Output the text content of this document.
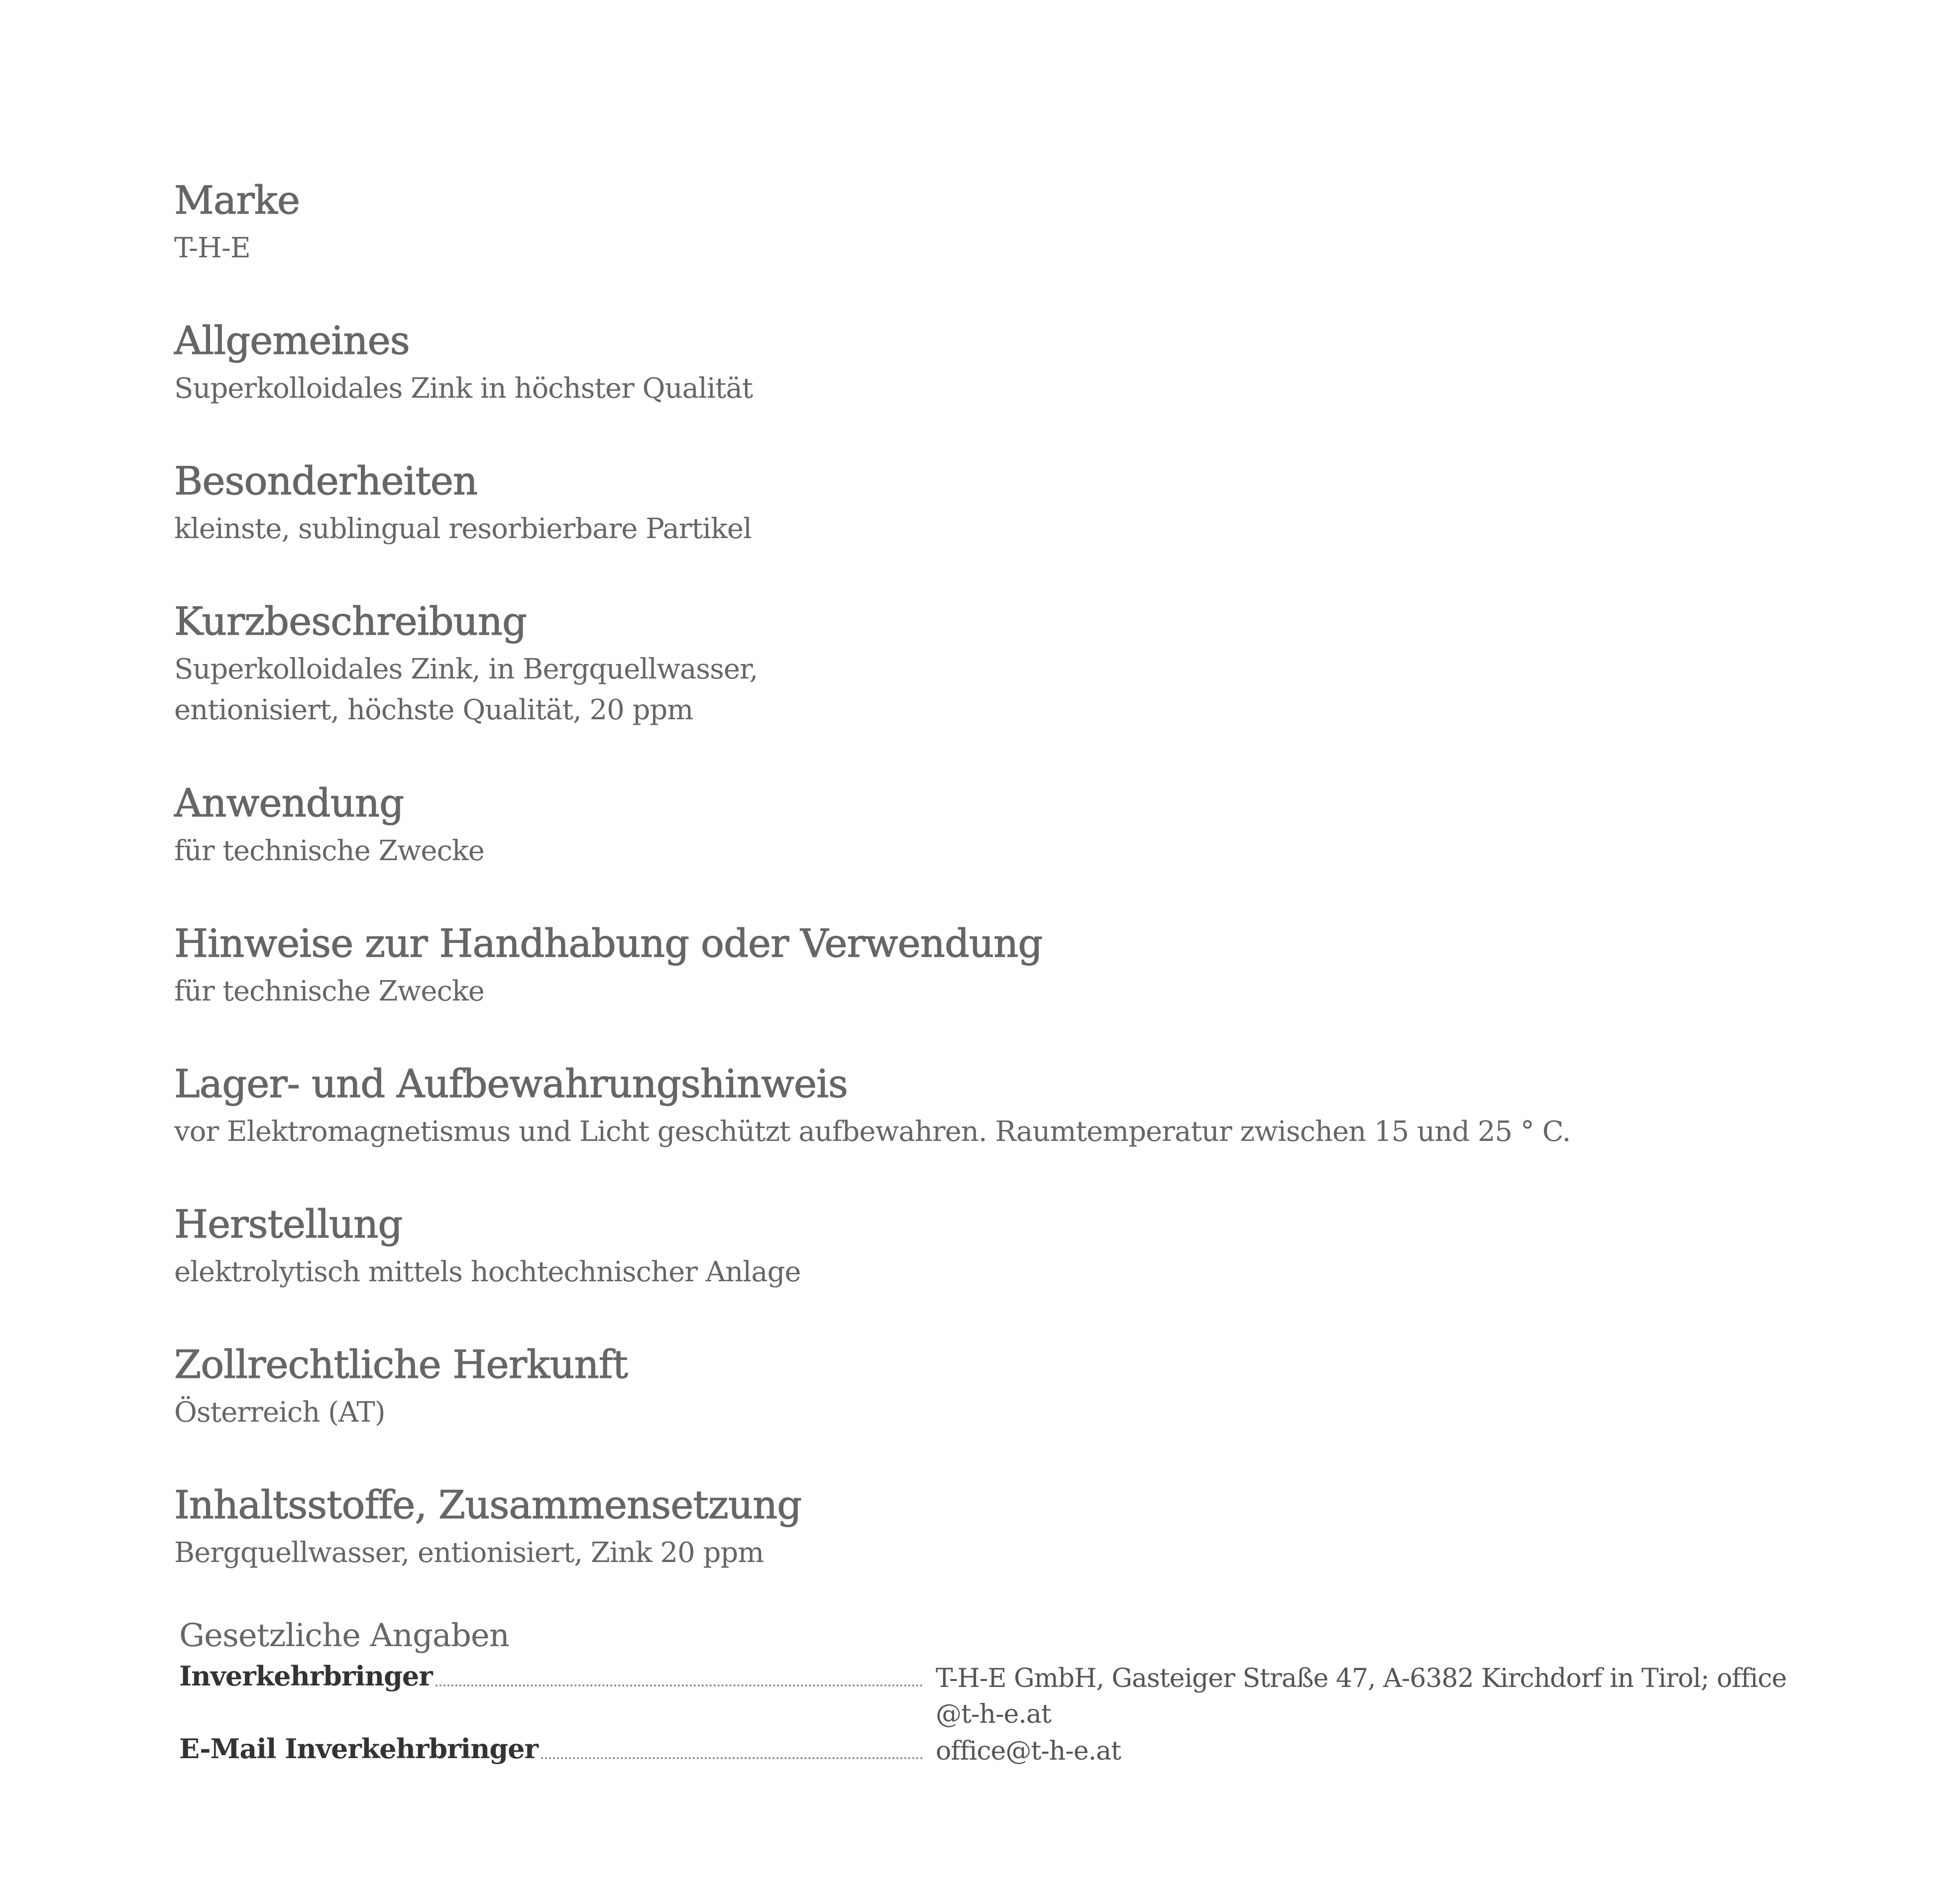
Marke

T-H-E

Allgemeines

Superkolloidales Zink in höchster Qualität

Besonderheiten

kleinste, sublingual resorbierbare Partikel

Kurzbeschreibung

Superkolloidales Zink, in Bergquellwasser,
entionisiert, höchste Qualität, 20 ppm

Anwendung

für technische Zwecke

Hinweise zur Handhabung oder Verwendung

für technische Zwecke

Lager- und Aufbewahrungshinweis

vor Elektromagnetismus und Licht geschützt aufbewahren. Raumtemperatur zwischen 15 und 25 ° C.

Herstellung

elektrolytisch mittels hochtechnischer Anlage

Zollrechtliche Herkunft

Österreich (AT)

Inhaltsstoffe, Zusammensetzung

Bergquellwasser, entionisiert, Zink 20 ppm

Gesetzliche Angaben
Inverkehrbringer	T-H-E GmbH, Gasteiger Straße 47, A-6382 Kirchdorf in Tirol; office@t-h-e.at
E-Mail Inverkehrbringer	office@t-h-e.at
